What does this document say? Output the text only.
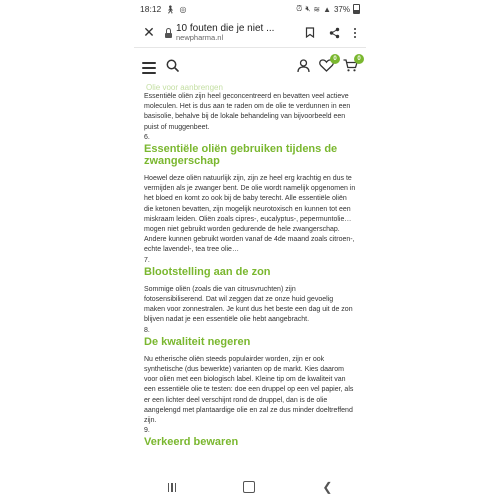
18:12 🚶︎ ◎	⏰︎ 🔇︎ ≋ ▲ 37%
✕	10 fouten die je niet ...
newpharma.nl
0	0
Olie voor aanbrengen

Essentiële oliën zijn heel geconcentreerd en bevatten veel actieve moleculen. Het is dus aan te raden om de olie te verdunnen in een basisolie, behalve bij de lokale behandeling van bijvoorbeeld een puist of muggenbeet.

6.

Essentiële oliën gebruiken tijdens de zwangerschap

Hoewel deze oliën natuurlijk zijn, zijn ze heel erg krachtig en dus te vermijden als je zwanger bent. De olie wordt namelijk opgenomen in het bloed en komt zo ook bij de baby terecht. Alle essentiële oliën die ketonen bevatten, zijn mogelijk neurotoxisch en kunnen tot een miskraam leiden. Oliën zoals cipres-, eucalyptus-, pepermuntolie… mogen niet gebruikt worden gedurende de hele zwangerschap. Andere kunnen gebruikt worden vanaf de 4de maand zoals citroen-, echte lavendel-, tea tree olie…

7.

Blootstelling aan de zon

Sommige oliën (zoals die van citrusvruchten) zijn fotosensibiliserend. Dat wil zeggen dat ze onze huid gevoelig maken voor zonnestralen. Je kunt dus het beste een dag uit de zon blijven nadat je een essentiële olie hebt aangebracht.

8.

De kwaliteit negeren

Nu etherische oliën steeds populairder worden, zijn er ook synthetische (dus bewerkte) varianten op de markt. Kies daarom voor oliën met een biologisch label. Kleine tip om de kwaliteit van een essentiële olie te testen: doe een druppel op een vel papier, als er een lichter deel verschijnt rond de druppel, dan is de olie aangelengd met plantaardige olie en zal ze dus minder doeltreffend zijn.

9.

Verkeerd bewaren
❮
